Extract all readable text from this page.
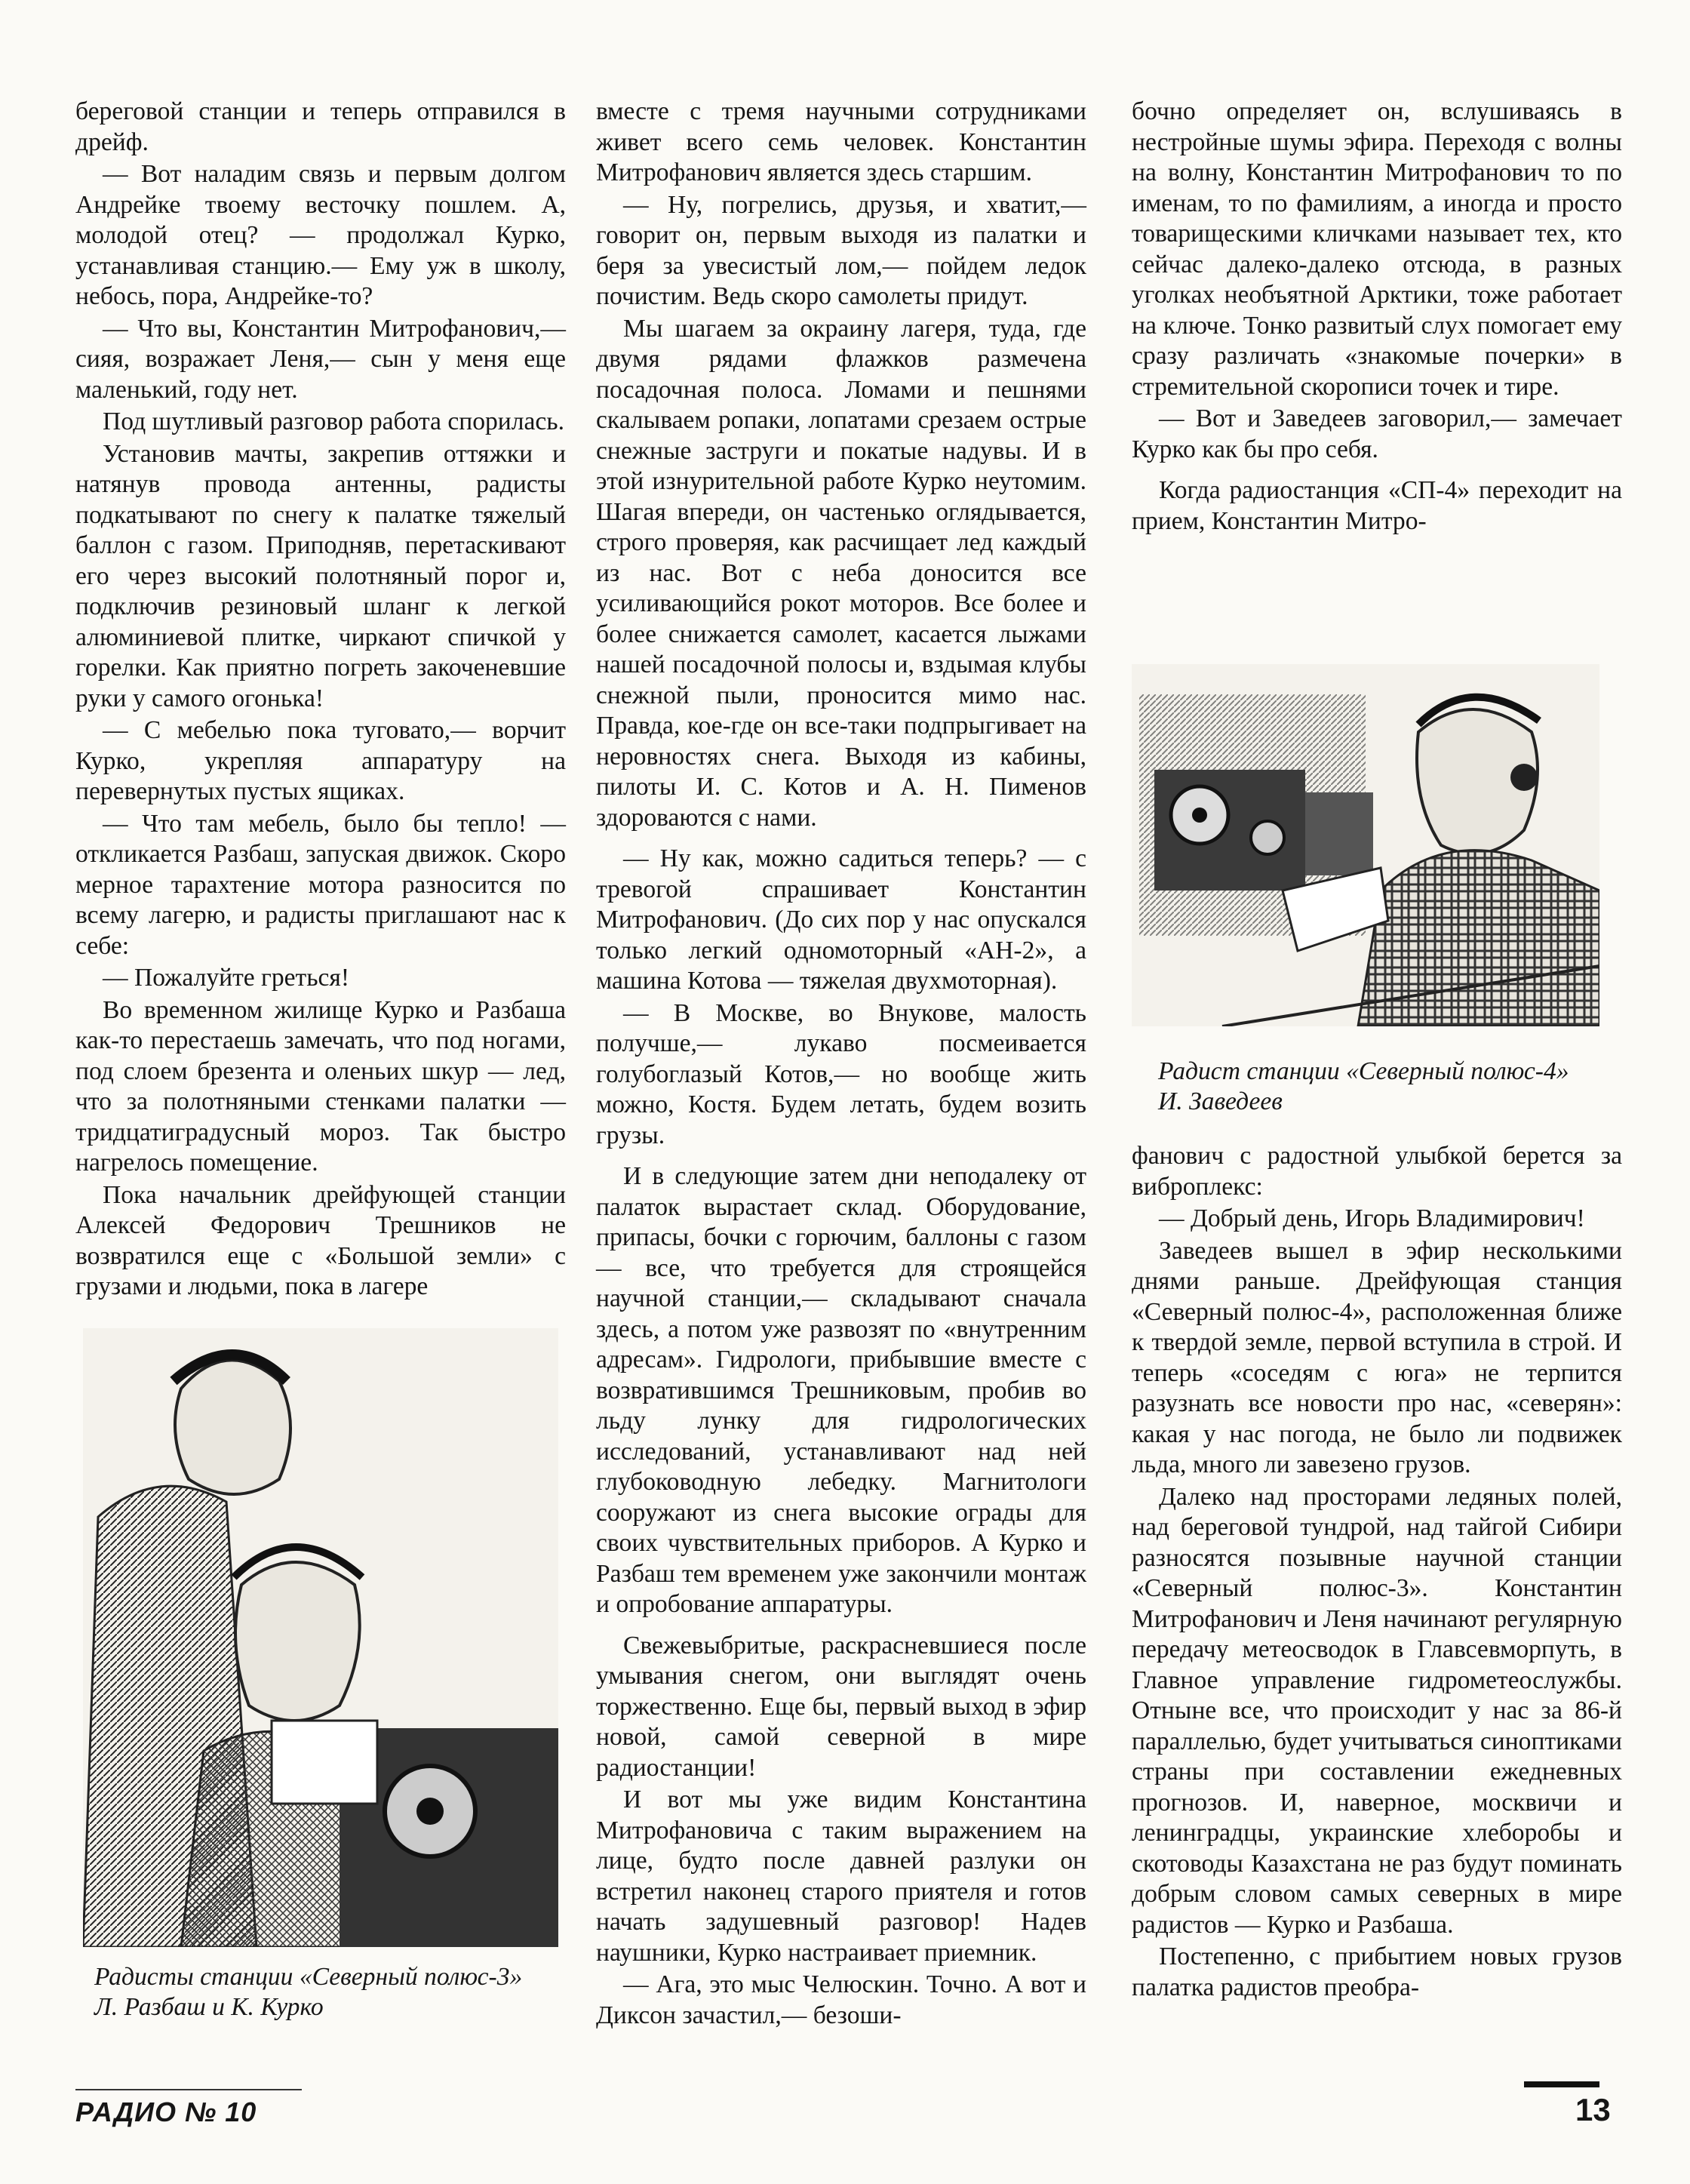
береговой станции и теперь отправился в дрейф.

— Вот наладим связь и первым долгом Андрейке твоему весточку пошлем. А, молодой отец? — продолжал Курко, устанавливая станцию.— Ему уж в школу, небось, пора, Андрейке-то?

— Что вы, Константин Митрофанович,— сияя, возражает Леня,— сын у меня еще маленький, году нет.

Под шутливый разговор работа спорилась.

Установив мачты, закрепив оттяжки и натянув провода антенны, радисты подкатывают по снегу к палатке тяжелый баллон с газом. Приподняв, перетаскивают его через высокий полотняный порог и, подключив резиновый шланг к легкой алюминиевой плитке, чиркают спичкой у горелки. Как приятно погреть закоченевшие руки у самого огонька!

— С мебелью пока туговато,— ворчит Курко, укрепляя аппаратуру на перевернутых пустых ящиках.

— Что там мебель, было бы тепло! — откликается Разбаш, запуская движок. Скоро мерное тарахтение мотора разносится по всему лагерю, и радисты приглашают нас к себе:

— Пожалуйте греться!

Во временном жилище Курко и Разбаша как-то перестаешь замечать, что под ногами, под слоем брезента и оленьих шкур — лед, что за полотняными стенками палатки — тридцатиградусный мороз. Так быстро нагрелось помещение.

Пока начальник дрейфующей станции Алексей Федорович Трешников не возвратился еще с «Большой земли» с грузами и людьми, пока в лагере

вместе с тремя научными сотрудниками живет всего семь человек. Константин Митрофанович является здесь старшим.

— Ну, погрелись, друзья, и хватит,— говорит он, первым выходя из палатки и беря за увесистый лом,— пойдем ледок почистим. Ведь скоро самолеты придут.

Мы шагаем за окраину лагеря, туда, где двумя рядами флажков размечена посадочная полоса. Ломами и пешнями скалываем ропаки, лопатами срезаем острые снежные заструги и покатые надувы. И в этой изнурительной работе Курко неутомим. Шагая впереди, он частенько оглядывается, строго проверяя, как расчищает лед каждый из нас. Вот с неба доносится все усиливающийся рокот моторов. Все более и более снижается самолет, касается лыжами нашей посадочной полосы и, вздымая клубы снежной пыли, проносится мимо нас. Правда, кое-где он все-таки подпрыгивает на неровностях снега. Выходя из кабины, пилоты И. С. Котов и А. Н. Пименов здороваются с нами.

— Ну как, можно садиться теперь? — с тревогой спрашивает Константин Митрофанович. (До сих пор у нас опускался только легкий одномоторный «АН-2», а машина Котова — тяжелая двухмоторная).

— В Москве, во Внукове, малость получше,— лукаво посмеивается голубоглазый Котов,— но вообще жить можно, Костя. Будем летать, будем возить грузы.

И в следующие затем дни неподалеку от палаток вырастает склад. Оборудование, припасы, бочки с горючим, баллоны с газом — все, что требуется для строящейся научной станции,— складывают сначала здесь, а потом уже развозят по «внутренним адресам». Гидрологи, прибывшие вместе с возвратившимся Трешниковым, пробив во льду лунку для гидрологических исследований, устанавливают над ней глубоководную лебедку. Магнитологи сооружают из снега высокие ограды для своих чувствительных приборов. А Курко и Разбаш тем временем уже закончили монтаж и опробование аппаратуры.

Свежевыбритые, раскрасневшиеся после умывания снегом, они выглядят очень торжественно. Еще бы, первый выход в эфир новой, самой северной в мире радиостанции!

И вот мы уже видим Константина Митрофановича с таким выражением на лице, будто после давней разлуки он встретил наконец старого приятеля и готов начать задушевный разговор! Надев наушники, Курко настраивает приемник.

— Ага, это мыс Челюскин. Точно. А вот и Диксон зачастил,— безоши-

бочно определяет он, вслушиваясь в нестройные шумы эфира. Переходя с волны на волну, Константин Митрофанович то по именам, то по фамилиям, а иногда и просто товарищескими кличками называет тех, кто сейчас далеко-далеко отсюда, в разных уголках необъятной Арктики, тоже работает на ключе. Тонко развитый слух помогает ему сразу различать «знакомые почерки» в стремительной скорописи точек и тире.

— Вот и Заведеев заговорил,— замечает Курко как бы про себя.

Когда радиостанция «СП-4» переходит на прием, Константин Митро-

Радист станции «Северный полюс-4» И. Заведеев

фанович с радостной улыбкой берется за виброплекс:

— Добрый день, Игорь Владимирович!

Заведеев вышел в эфир несколькими днями раньше. Дрейфующая станция «Северный полюс-4», расположенная ближе к твердой земле, первой вступила в строй. И теперь «соседям с юга» не терпится разузнать все новости про нас, «северян»: какая у нас погода, не было ли подвижек льда, много ли завезено грузов.

Далеко над просторами ледяных полей, над береговой тундрой, над тайгой Сибири разносятся позывные научной станции «Северный полюс-3». Константин Митрофанович и Леня начинают регулярную передачу метеосводок в Главсевморпуть, в Главное управление гидрометеослужбы. Отныне все, что происходит у нас за 86-й параллелью, будет учитываться синоптиками страны при составлении ежедневных прогнозов. И, наверное, москвичи и ленинградцы, украинские хлеборобы и скотоводы Казахстана не раз будут поминать добрым словом самых северных в мире радистов — Курко и Разбаша.

Постепенно, с прибытием новых грузов палатка радистов преобра-

Радисты станции «Северный полюс-3» Л. Разбаш и К. Курко

РАДИО № 10	13
